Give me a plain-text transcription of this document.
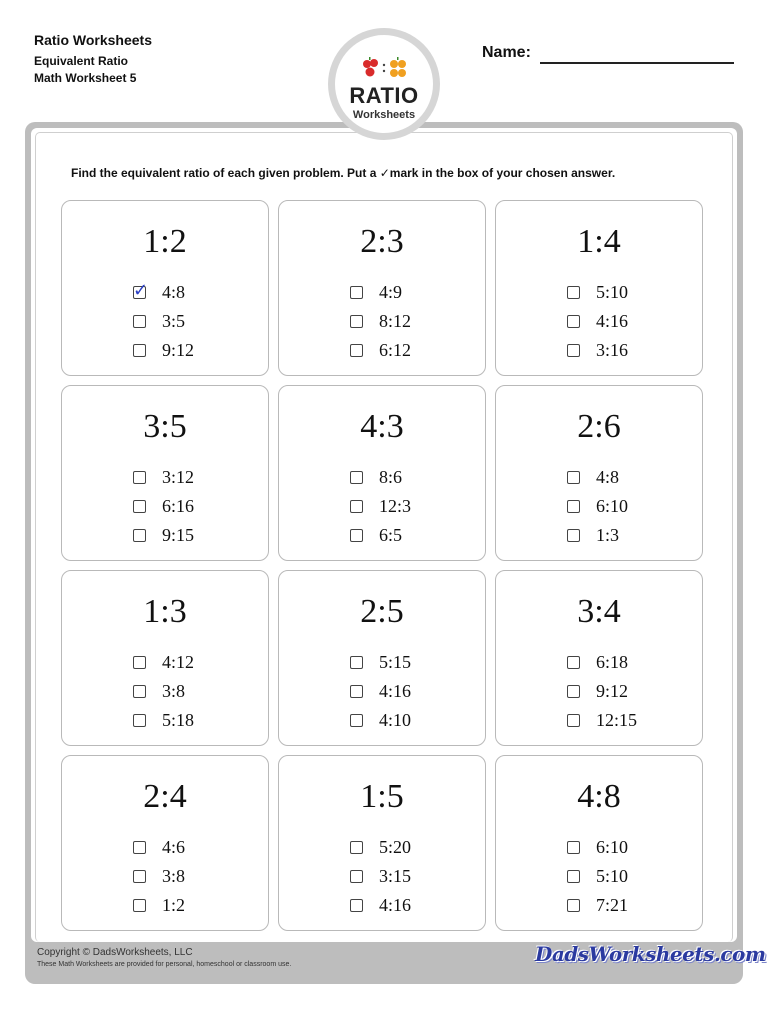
Ratio Worksheets
Equivalent Ratio
Math Worksheet 5
RATIO
Worksheets
Name:
Find the equivalent ratio of each given problem. Put a ✓mark in the box of your chosen answer.
1:2
✓ 4:8
3:5
9:12
2:3
4:9
8:12
6:12
1:4
5:10
4:16
3:16
3:5
3:12
6:16
9:15
4:3
8:6
12:3
6:5
2:6
4:8
6:10
1:3
1:3
4:12
3:8
5:18
2:5
5:15
4:16
4:10
3:4
6:18
9:12
12:15
2:4
4:6
3:8
1:2
1:5
5:20
3:15
4:16
4:8
6:10
5:10
7:21
Copyright © DadsWorksheets, LLC
These Math Worksheets are provided for personal, homeschool or classroom use.	DadsWorksheets.com
